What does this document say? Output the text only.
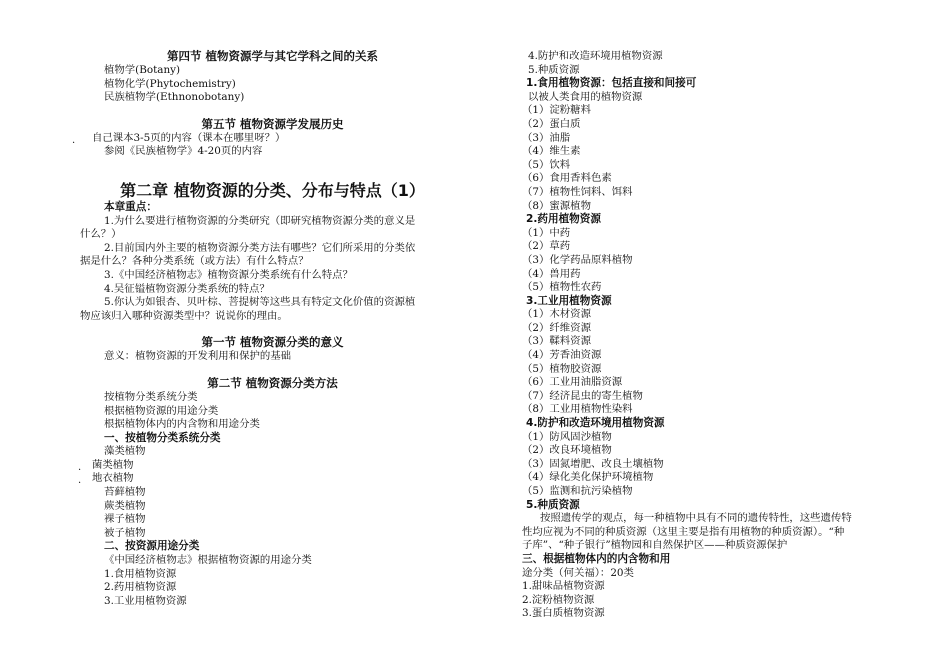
第四节 植物资源学与其它学科之间的关系
植物学(Botany)
植物化学(Phytochemistry)
民族植物学(Ethnonobotany)
第五节 植物资源学发展历史
. 自己课本3-5页的内容（课本在哪里呀？）
参阅《民族植物学》4-20页的内容
第二章 植物资源的分类、分布与特点（1）
本章重点：
1.为什么要进行植物资源的分类研究（即研究植物资源分类的意义是
什么？）
2.目前国内外主要的植物资源分类方法有哪些？它们所采用的分类依
据是什么？各种分类系统（或方法）有什么特点？
3.《中国经济植物志》植物资源分类系统有什么特点？
4.吴征镒植物资源分类系统的特点？
5.你认为如银杏、贝叶棕、菩提树等这些具有特定文化价值的资源植
物应该归入哪种资源类型中？说说你的理由。
第一节 植物资源分类的意义
意义：植物资源的开发利用和保护的基础
第二节 植物资源分类方法
按植物分类系统分类
根据植物资源的用途分类
根据植物体内的内含物和用途分类
一、按植物分类系统分类
藻类植物
. 菌类植物
. 地衣植物
苔藓植物
蕨类植物
裸子植物
被子植物
二、按资源用途分类
《中国经济植物志》根据植物资源的用途分类
1.食用植物资源
2.药用植物资源
3.工业用植物资源
4.防护和改造环境用植物资源
5.种质资源
1.食用植物资源：包括直接和间接可
以被人类食用的植物资源
（1）淀粉糖料
（2）蛋白质
（3）油脂
（4）维生素
（5）饮料
（6）食用香料色素
（7）植物性饲料、饵料
（8）蜜源植物
2.药用植物资源
（1）中药
（2）草药
（3）化学药品原料植物
（4）兽用药
（5）植物性农药
3.工业用植物资源
（1）木材资源
（2）纤维资源
（3）鞣料资源
（4）芳香油资源
（5）植物胶资源
（6）工业用油脂资源
（7）经济昆虫的寄生植物
（8）工业用植物性染料
4.防护和改造环境用植物资源
（1）防风固沙植物
（2）改良环境植物
（3）固氮增肥、改良土壤植物
（4）绿化美化保护环境植物
（5）监测和抗污染植物
5.种质资源
按照遗传学的观点，每一种植物中具有不同的遗传特性，这些遗传特
性均应视为不同的种质资源（这里主要是指有用植物的种质资源）。“种
子库”、“种子银行”植物园和自然保护区——种质资源保护
三、根据植物体内的内含物和用
途分类（何关福）：20类
1.甜味品植物资源
2.淀粉植物资源
3.蛋白质植物资源
